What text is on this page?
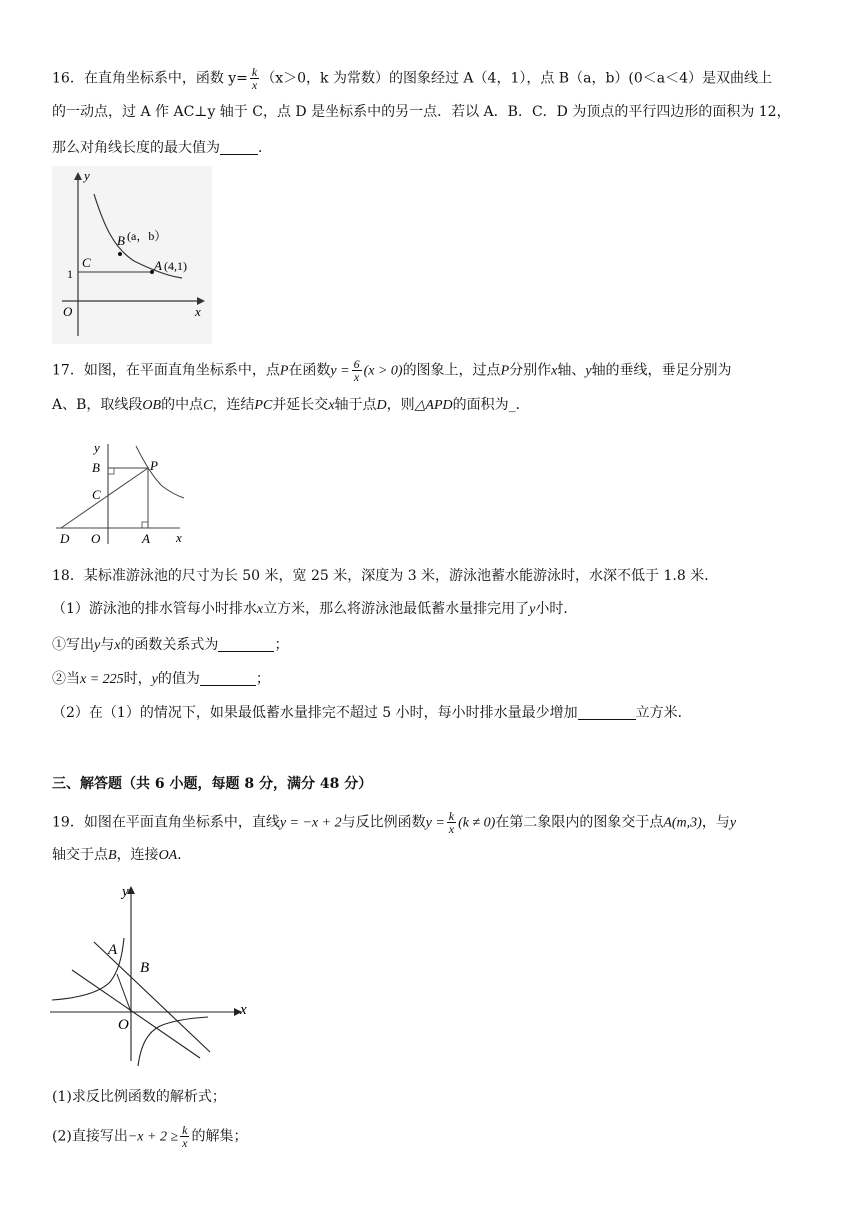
16．在直角坐标系中，函数 $y= \frac{k}{x} (x>0$，k 为常数）的图象经过 A（4，1），点 B（a，b）(0＜a＜4）是双曲线上
的一动点，过 A 作 AC⊥y 轴于 C，点 D 是坐标系中的另一点．若以 A．B．C．D 为顶点的平行四边形的面积为 12，
那么对角线长度的最大值为	．
y
x
O
C
1
B (a，b）
A (4,1)
17．如图，在平面直角坐标系中，点P在函数$y = \frac{6}{x} (x > 0)$的图象上，过点P分别作x轴、y轴的垂线，垂足分别为
A、B，取线段OB的中点C，连结PC并延长交x轴于点D，则△APD的面积为_．
y
x
B	P
C
D O	A
18．某标准游泳池的尺寸为长 50 米，宽 25 米，深度为 3 米，游泳池蓄水能游泳时，水深不低于 1.8 米．
（1）游泳池的排水管每小时排水x立方米，那么将游泳池最低蓄水量排完用了y小时．
①写出y与x的函数关系式为	；
②当x = 225时，y的值为	；
（2）在（1）的情况下，如果最低蓄水量排完不超过 5 小时，每小时排水量最少增加	立方米．
三、解答题（共 6 小题，每题 8 分，满分 48 分）
19．如图在平面直角坐标系中，直线y = −x + 2与反比例函数$y = \frac{k}{x} (k \ne 0)$在第二象限内的图象交于点A(m,3)，与y
轴交于点B，连接OA．
y
x
A
B
O
(1)求反比例函数的解析式；
(2)直接写出$-x + 2 \ge \frac{k}{x}$ 的解集；
